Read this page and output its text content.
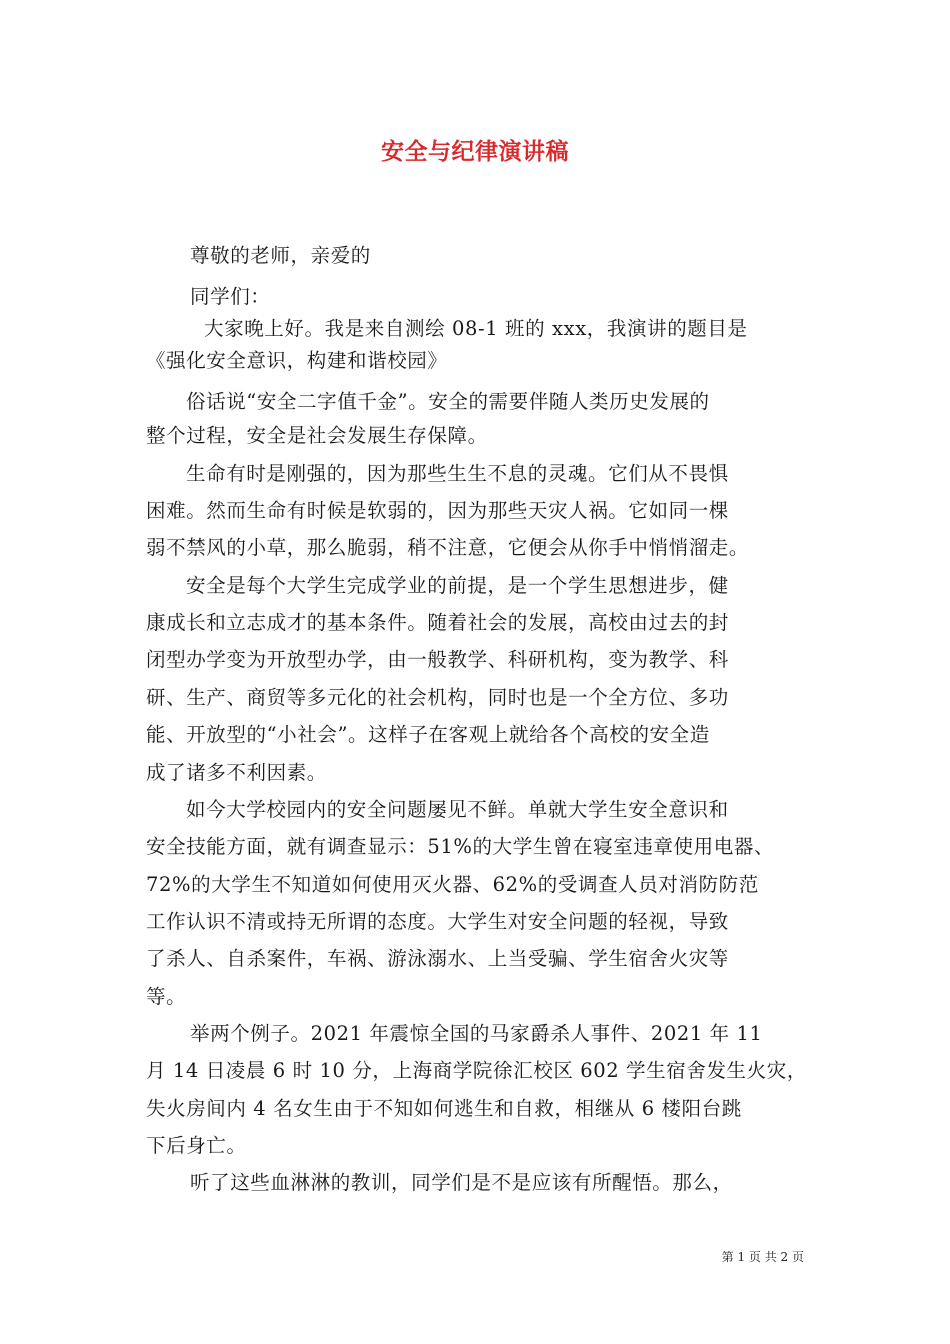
安全与纪律演讲稿
尊敬的老师，亲爱的
同学们：
大家晚上好。我是来自测绘 08-1 班的 xxx，我演讲的题目是
《强化安全意识，构建和谐校园》
俗话说“安全二字值千金”。安全的需要伴随人类历史发展的
整个过程，安全是社会发展生存保障。
生命有时是刚强的，因为那些生生不息的灵魂。它们从不畏惧
困难。然而生命有时候是软弱的，因为那些天灾人祸。它如同一棵
弱不禁风的小草，那么脆弱，稍不注意，它便会从你手中悄悄溜走。
安全是每个大学生完成学业的前提，是一个学生思想进步，健
康成长和立志成才的基本条件。随着社会的发展，高校由过去的封
闭型办学变为开放型办学，由一般教学、科研机构，变为教学、科
研、生产、商贸等多元化的社会机构，同时也是一个全方位、多功
能、开放型的“小社会”。这样子在客观上就给各个高校的安全造
成了诸多不利因素。
如今大学校园内的安全问题屡见不鲜。单就大学生安全意识和
安全技能方面，就有调查显示：51%的大学生曾在寝室违章使用电器、
72%的大学生不知道如何使用灭火器、62%的受调查人员对消防防范
工作认识不清或持无所谓的态度。大学生对安全问题的轻视，导致
了杀人、自杀案件，车祸、游泳溺水、上当受骗、学生宿舍火灾等
等。
举两个例子。2021 年震惊全国的马家爵杀人事件、2021 年 11
月 14 日凌晨 6 时 10 分，上海商学院徐汇校区 602 学生宿舍发生火灾，
失火房间内 4 名女生由于不知如何逃生和自救，相继从 6 楼阳台跳
下后身亡。
听了这些血淋淋的教训，同学们是不是应该有所醒悟。那么，
第 1 页 共 2 页
